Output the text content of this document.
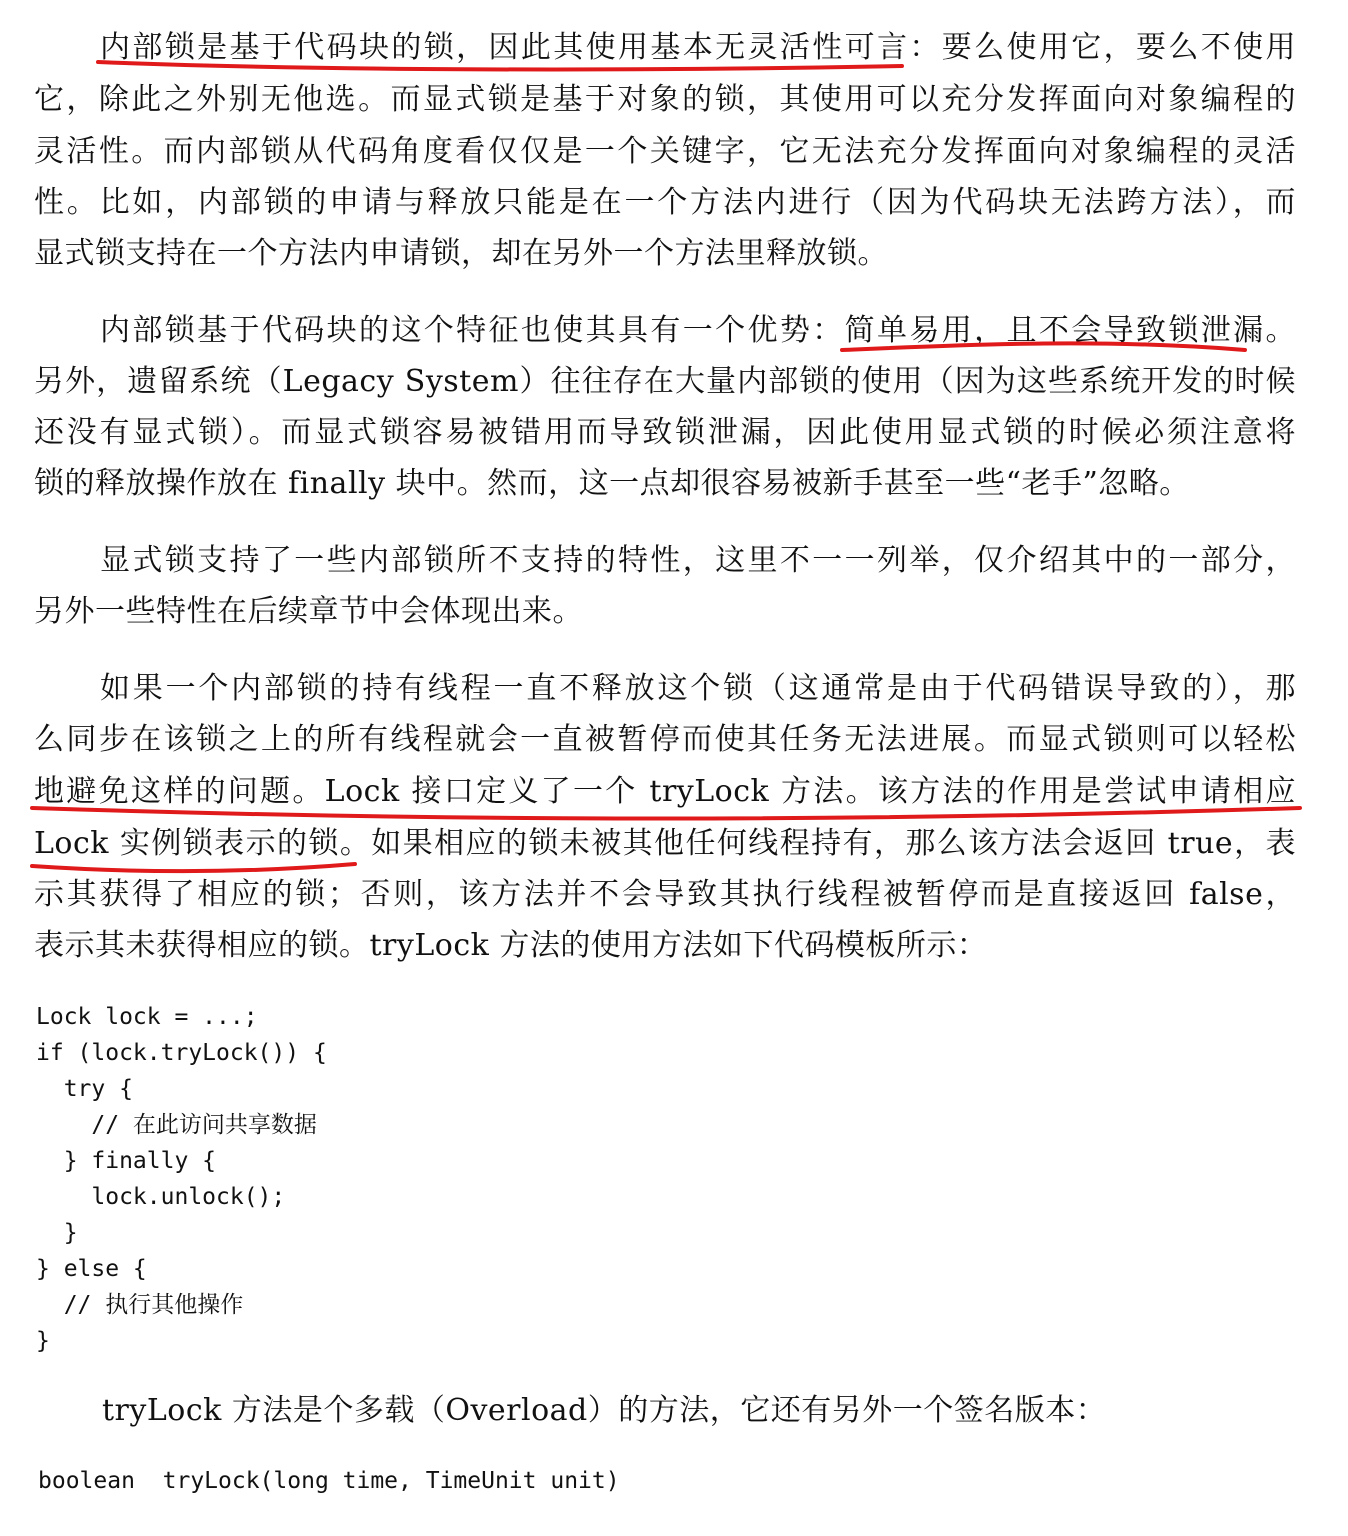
内部锁是基于代码块的锁，因此其使用基本无灵活性可言：要么使用它，要么不使用
它，除此之外别无他选。而显式锁是基于对象的锁，其使用可以充分发挥面向对象编程的
灵活性。而内部锁从代码角度看仅仅是一个关键字，它无法充分发挥面向对象编程的灵活
性。比如，内部锁的申请与释放只能是在一个方法内进行（因为代码块无法跨方法），而
显式锁支持在一个方法内申请锁，却在另外一个方法里释放锁。
内部锁基于代码块的这个特征也使其具有一个优势：简单易用，且不会导致锁泄漏。
另外，遗留系统（Legacy System）往往存在大量内部锁的使用（因为这些系统开发的时候
还没有显式锁）。而显式锁容易被错用而导致锁泄漏，因此使用显式锁的时候必须注意将
锁的释放操作放在 finally 块中。然而，这一点却很容易被新手甚至一些“老手”忽略。
显式锁支持了一些内部锁所不支持的特性，这里不一一列举，仅介绍其中的一部分，
另外一些特性在后续章节中会体现出来。
如果一个内部锁的持有线程一直不释放这个锁（这通常是由于代码错误导致的），那
么同步在该锁之上的所有线程就会一直被暂停而使其任务无法进展。而显式锁则可以轻松
地避免这样的问题。Lock 接口定义了一个 tryLock 方法。该方法的作用是尝试申请相应
Lock 实例锁表示的锁。如果相应的锁未被其他任何线程持有，那么该方法会返回 true，表
示其获得了相应的锁；否则，该方法并不会导致其执行线程被暂停而是直接返回 false，
表示其未获得相应的锁。tryLock 方法的使用方法如下代码模板所示：
Lock lock = ...;
if (lock.tryLock()) {
try {
// 在此访问共享数据
} finally {
lock.unlock();
}
} else {
// 执行其他操作
}
tryLock 方法是个多载（Overload）的方法，它还有另外一个签名版本：
boolean  tryLock(long time, TimeUnit unit)
